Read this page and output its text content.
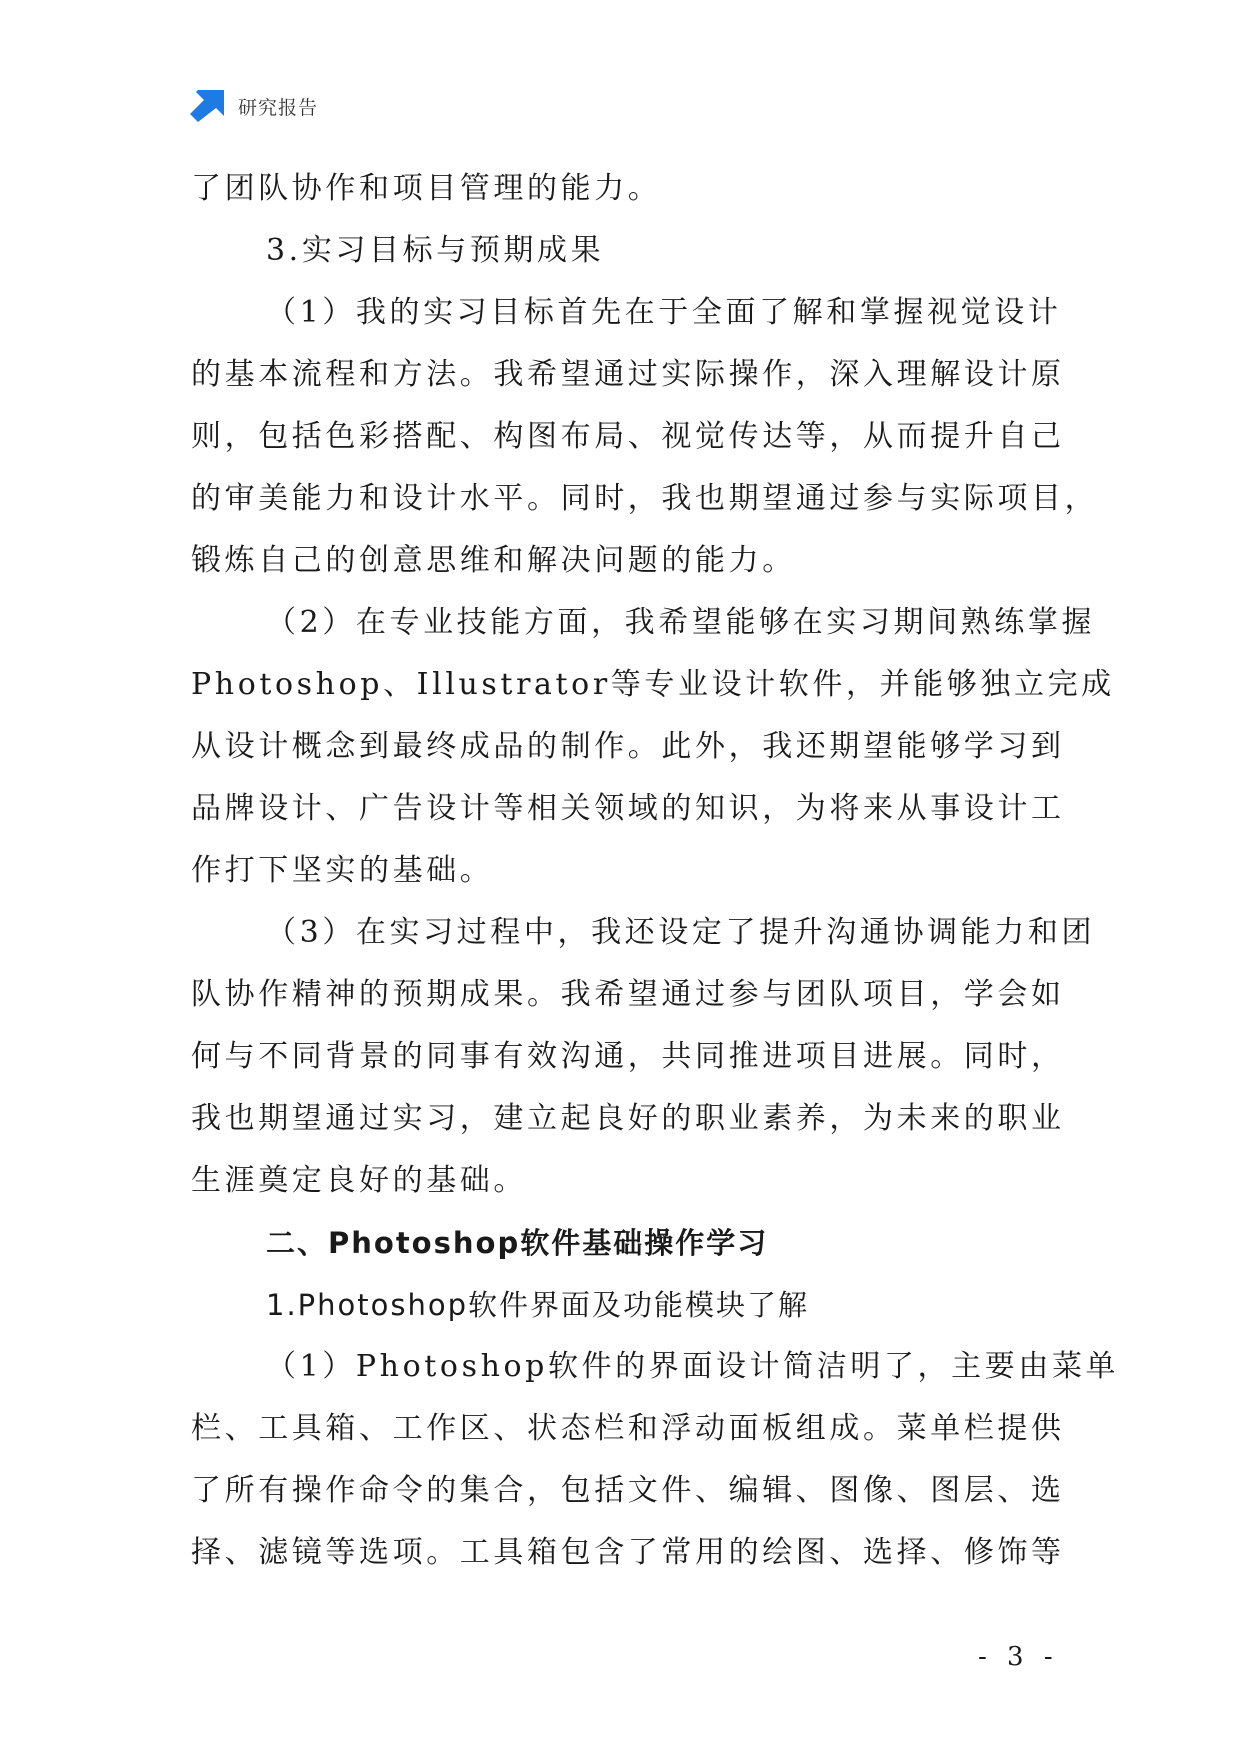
研究报告
了团队协作和项目管理的能力。
3.实习目标与预期成果
（1）我的实习目标首先在于全面了解和掌握视觉设计
的基本流程和方法。我希望通过实际操作，深入理解设计原
则，包括色彩搭配、构图布局、视觉传达等，从而提升自己
的审美能力和设计水平。同时，我也期望通过参与实际项目，
锻炼自己的创意思维和解决问题的能力。
（2）在专业技能方面，我希望能够在实习期间熟练掌握
Photoshop、Illustrator等专业设计软件，并能够独立完成
从设计概念到最终成品的制作。此外，我还期望能够学习到
品牌设计、广告设计等相关领域的知识，为将来从事设计工
作打下坚实的基础。
（3）在实习过程中，我还设定了提升沟通协调能力和团
队协作精神的预期成果。我希望通过参与团队项目，学会如
何与不同背景的同事有效沟通，共同推进项目进展。同时，
我也期望通过实习，建立起良好的职业素养，为未来的职业
生涯奠定良好的基础。
二、Photoshop软件基础操作学习
1.Photoshop软件界面及功能模块了解
（1）Photoshop软件的界面设计简洁明了，主要由菜单
栏、工具箱、工作区、状态栏和浮动面板组成。菜单栏提供
了所有操作命令的集合，包括文件、编辑、图像、图层、选
择、滤镜等选项。工具箱包含了常用的绘图、选择、修饰等
- 3 -
